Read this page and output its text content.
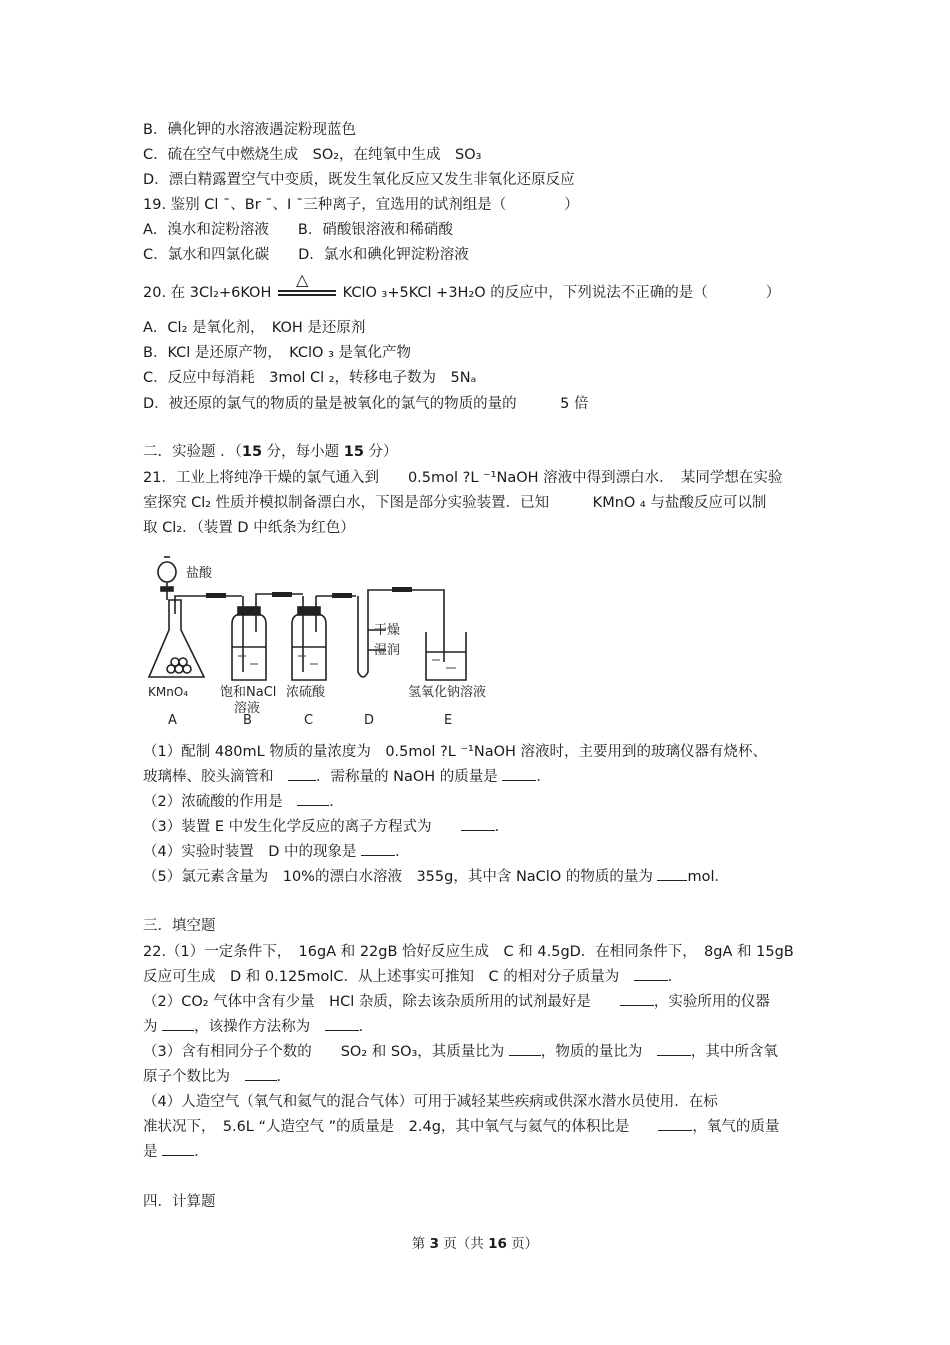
B．碘化钾的水溶液遇淀粉现蓝色
C．硫在空气中燃烧生成　SO₂，在纯氧中生成　SO₃
D．漂白精露置空气中变质，既发生氧化反应又发生非氧化还原反应
19. 鉴别 Cl ˉ、Br ˉ、I ˉ三种离子，宜选用的试剂组是（　　　　）
A．溴水和淀粉溶液　　B．硝酸银溶液和稀硝酸
C．氯水和四氯化碳　　D．氯水和碘化钾淀粉溶液
20. 在 3Cl₂+6KOH
△
KClO ₃+5KCl +3H₂O 的反应中，下列说法不正确的是（　　　　）
A．Cl₂ 是氧化剂，　KOH 是还原剂
B．KCl 是还原产物，　KClO ₃ 是氧化产物
C．反应中每消耗　3mol Cl ₂，转移电子数为　5Nₐ
D．被还原的氯气的物质的量是被氧化的氯气的物质的量的　　　5 倍
二．实验题 ．（15 分，每小题 15 分）
21．工业上将纯净干燥的氯气通入到　　0.5mol ?L ⁻¹NaOH 溶液中得到漂白水．　某同学想在实验
室探究 Cl₂ 性质并模拟制备漂白水，下图是部分实验装置．已知　　　KMnO ₄ 与盐酸反应可以制
取 Cl₂．（装置 D 中纸条为红色）
盐酸
干燥
湿润
KMnO₄ 饱和NaCl
溶液
浓硫酸	氢氧化钠溶液
A	B	C	D	E
（1）配制 480mL 物质的量浓度为　0.5mol ?L ⁻¹NaOH 溶液时，主要用到的玻璃仪器有烧杯、
玻璃棒、胶头滴管和　．需称量的 NaOH 的质量是 ．
（2）浓硫酸的作用是　．
（3）装置 E 中发生化学反应的离子方程式为　　．
（4）实验时装置　D 中的现象是 ．
（5）氯元素含量为　10%的漂白水溶液　355g，其中含 NaClO 的物质的量为 mol．
三．填空题
22.（1）一定条件下，　16gA 和 22gB 恰好反应生成　C 和 4.5gD．在相同条件下，　8gA 和 15gB
反应可生成　D 和 0.125molC．从上述事实可推知　C 的相对分子质量为　．
（2）CO₂ 气体中含有少量　HCl 杂质，除去该杂质所用的试剂最好是　　，实验所用的仪器
为 ，该操作方法称为　．
（3）含有相同分子个数的　　SO₂ 和 SO₃，其质量比为 ，物质的量比为　，其中所含氧
原子个数比为　．
（4）人造空气（氧气和氦气的混合气体）可用于减轻某些疾病或供深水潜水员使用．在标
准状况下，　5.6L “人造空气 ”的质量是　2.4g，其中氧气与氦气的体积比是　　，氧气的质量
是 ．
四．计算题
第 3 页（共 16 页）
